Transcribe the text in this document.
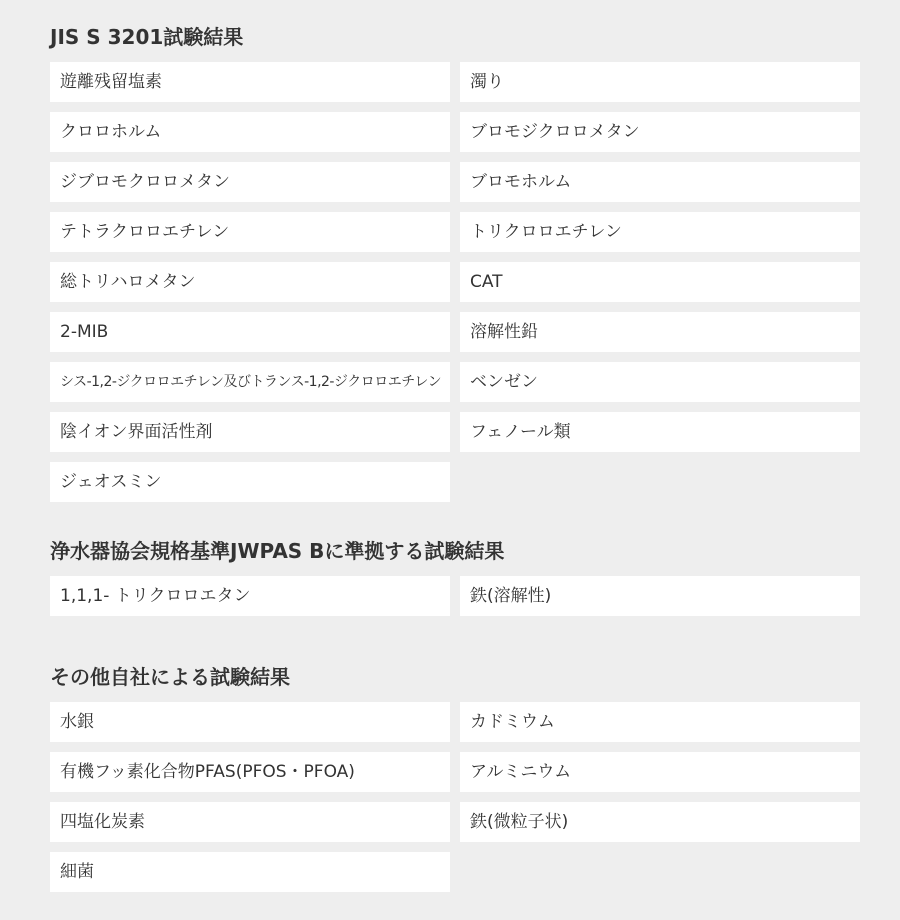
JIS S 3201試験結果
遊離残留塩素	濁り
クロロホルム	ブロモジクロロメタン
ジブロモクロロメタン	ブロモホルム
テトラクロロエチレン	トリクロロエチレン
総トリハロメタン	CAT
2-MIB	溶解性鉛
シス-1,2-ジクロロエチレン及びトランス-1,2-ジクロロエチレン	ベンゼン
陰イオン界面活性剤	フェノール類
ジェオスミン
浄水器協会規格基準JWPAS Bに準拠する試験結果
1,1,1- トリクロロエタン	鉄(溶解性)
その他自社による試験結果
水銀	カドミウム
有機フッ素化合物PFAS(PFOS・PFOA)	アルミニウム
四塩化炭素	鉄(微粒子状)
細菌
